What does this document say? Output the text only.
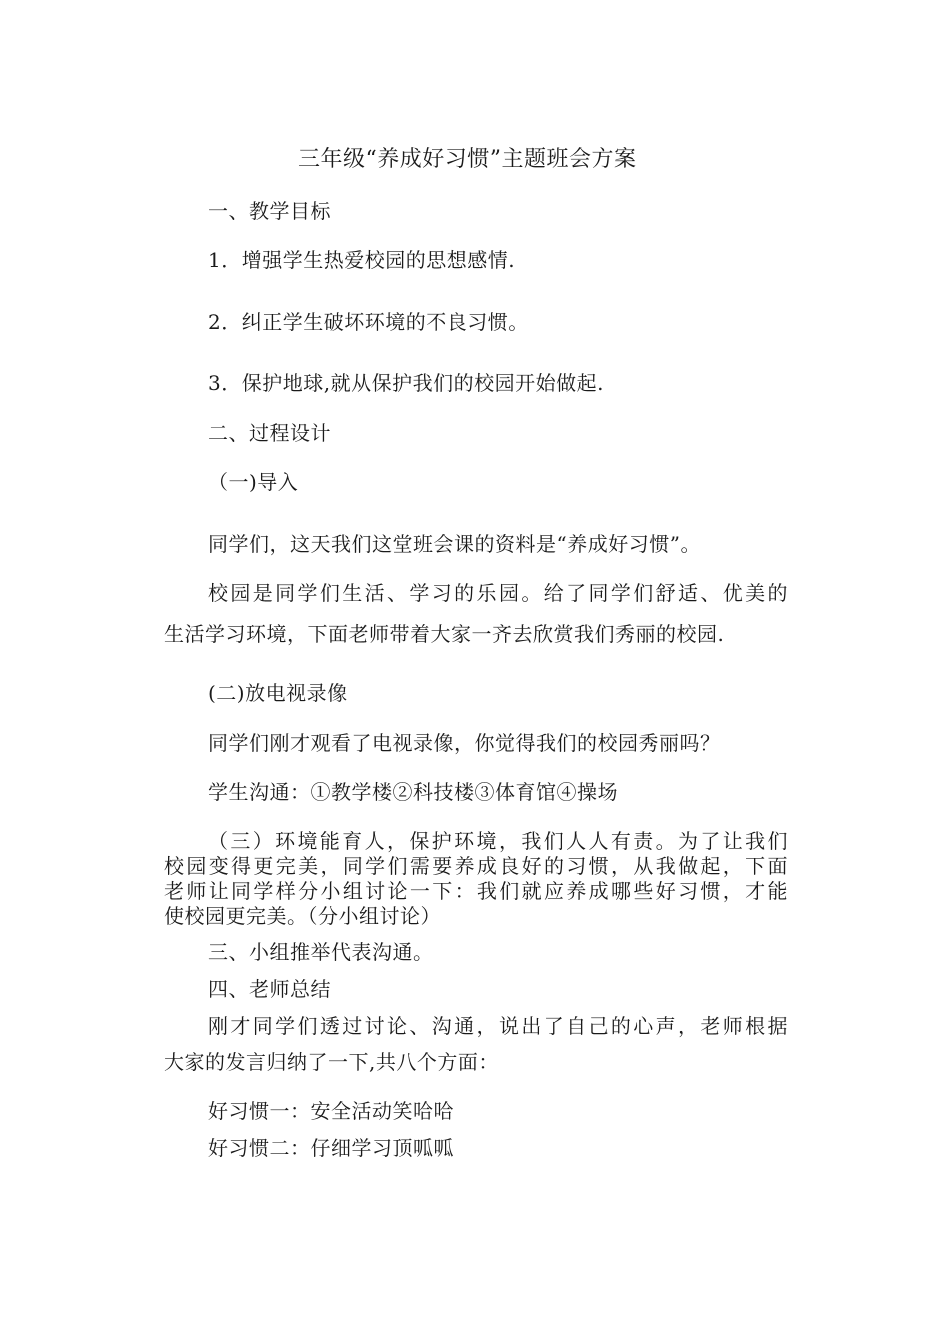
三年级“养成好习惯”主题班会方案

一、教学目标

1．增强学生热爱校园的思想感情.

2．纠正学生破坏环境的不良习惯。

3．保护地球,就从保护我们的校园开始做起.

二、过程设计

（一)导入

同学们，这天我们这堂班会课的资料是“养成好习惯”。

校园是同学们生活、学习的乐园。给了同学们舒适、优美的

生活学习环境，下面老师带着大家一齐去欣赏我们秀丽的校园.

(二)放电视录像

同学们刚才观看了电视录像，你觉得我们的校园秀丽吗？

学生沟通：①教学楼②科技楼③体育馆④操场

（三）环境能育人，保护环境，我们人人有责。为了让我们

校园变得更完美，同学们需要养成良好的习惯，从我做起，下面

老师让同学样分小组讨论一下：我们就应养成哪些好习惯，才能

使校园更完美。（分小组讨论）

三、小组推举代表沟通。

四、老师总结

刚才同学们透过讨论、沟通，说出了自己的心声，老师根据

大家的发言归纳了一下,共八个方面：

好习惯一：安全活动笑哈哈

好习惯二：仔细学习顶呱呱
